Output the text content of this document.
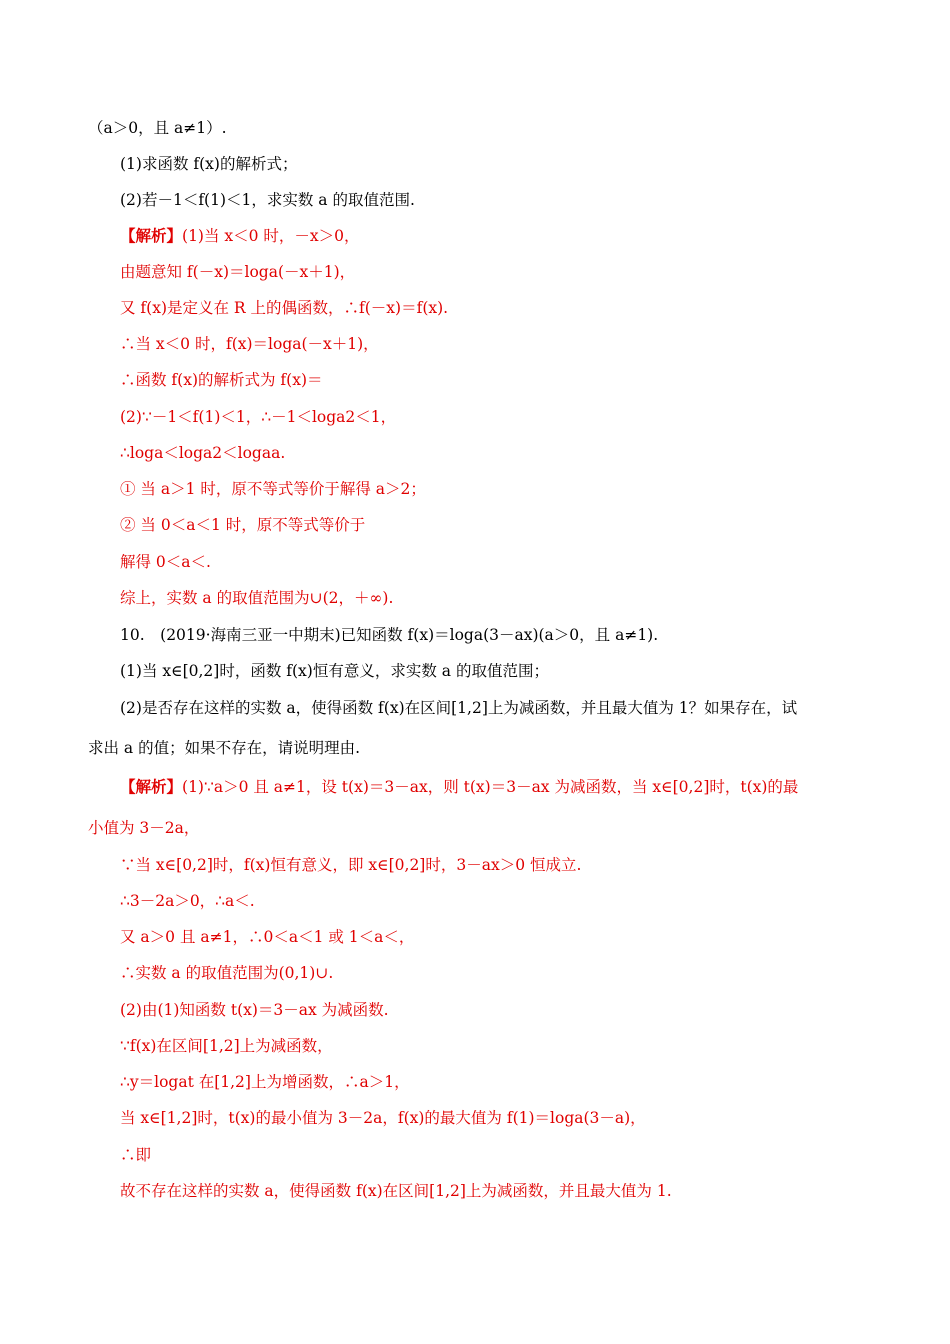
（a＞0，且 a≠1）.
(1)求函数 f(x)的解析式；
(2)若－1＜f(1)＜1，求实数 a 的取值范围.
【解析】(1)当 x＜0 时，－x＞0，
由题意知 f(－x)＝loga(－x＋1)，
又 f(x)是定义在 R 上的偶函数，∴f(－x)＝f(x).
∴当 x＜0 时，f(x)＝loga(－x＋1)，
∴函数 f(x)的解析式为 f(x)＝
(2)∵－1＜f(1)＜1，∴－1＜loga2＜1，
∴loga＜loga2＜logaa.
① 当 a＞1 时，原不等式等价于解得 a＞2；
② 当 0＜a＜1 时，原不等式等价于
解得 0＜a＜.
综上，实数 a 的取值范围为∪(2，＋∞).
10.　(2019·海南三亚一中期末)已知函数 f(x)＝loga(3－ax)(a＞0，且 a≠1).
(1)当 x∈[0,2]时，函数 f(x)恒有意义，求实数 a 的取值范围；
(2)是否存在这样的实数 a，使得函数 f(x)在区间[1,2]上为减函数，并且最大值为 1？如果存在，试
求出 a 的值；如果不存在，请说明理由.
【解析】(1)∵a＞0 且 a≠1，设 t(x)＝3－ax，则 t(x)＝3－ax 为减函数，当 x∈[0,2]时，t(x)的最
小值为 3－2a，
∵当 x∈[0,2]时，f(x)恒有意义，即 x∈[0,2]时，3－ax＞0 恒成立.
∴3－2a＞0，∴a＜.
又 a＞0 且 a≠1，∴0＜a＜1 或 1＜a＜，
∴实数 a 的取值范围为(0,1)∪.
(2)由(1)知函数 t(x)＝3－ax 为减函数.
∵f(x)在区间[1,2]上为减函数，
∴y＝logat 在[1,2]上为增函数，∴a＞1，
当 x∈[1,2]时，t(x)的最小值为 3－2a，f(x)的最大值为 f(1)＝loga(3－a)，
∴即
故不存在这样的实数 a，使得函数 f(x)在区间[1,2]上为减函数，并且最大值为 1.
